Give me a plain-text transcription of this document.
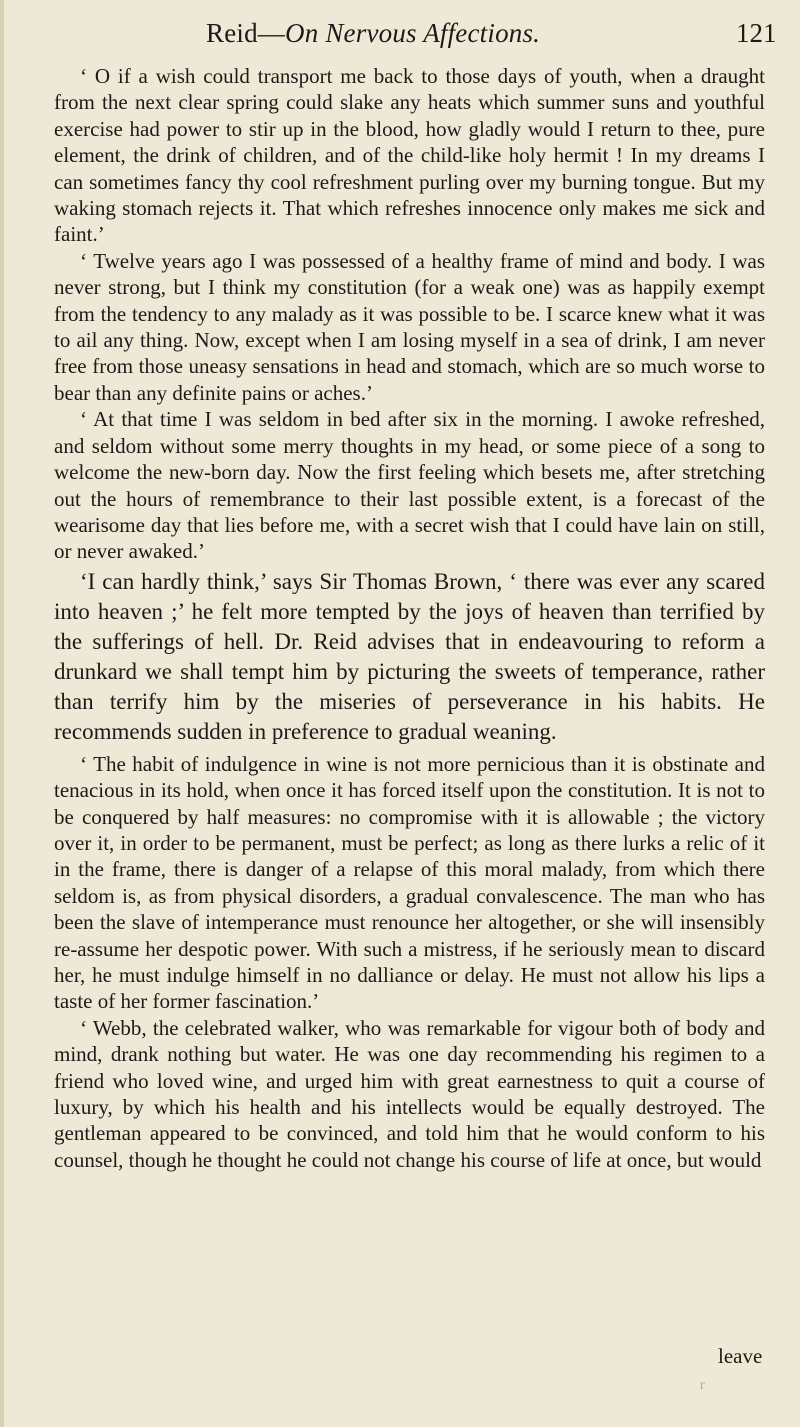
Reid—On Nervous Affections.	121

‘ O if a wish could transport me back to those days of youth, when a draught from the next clear spring could slake any heats which summer suns and youthful exercise had power to stir up in the blood, how gladly would I return to thee, pure element, the drink of children, and of the child-like holy hermit ! In my dreams I can sometimes fancy thy cool refreshment purling over my burning tongue. But my waking stomach rejects it. That which refreshes innocence only makes me sick and faint.’

‘ Twelve years ago I was possessed of a healthy frame of mind and body. I was never strong, but I think my constitution (for a weak one) was as happily exempt from the tendency to any malady as it was possible to be. I scarce knew what it was to ail any thing. Now, except when I am losing myself in a sea of drink, I am never free from those uneasy sensations in head and stomach, which are so much worse to bear than any definite pains or aches.’

‘ At that time I was seldom in bed after six in the morning. I awoke refreshed, and seldom without some merry thoughts in my head, or some piece of a song to welcome the new-born day. Now the first feeling which besets me, after stretching out the hours of remembrance to their last possible extent, is a forecast of the wearisome day that lies before me, with a secret wish that I could have lain on still, or never awaked.’

‘I can hardly think,’ says Sir Thomas Brown, ‘ there was ever any scared into heaven ;’ he felt more tempted by the joys of heaven than terrified by the sufferings of hell. Dr. Reid advises that in endeavouring to reform a drunkard we shall tempt him by picturing the sweets of temperance, rather than terrify him by the miseries of perseverance in his habits. He recommends sudden in preference to gradual weaning.

‘ The habit of indulgence in wine is not more pernicious than it is obstinate and tenacious in its hold, when once it has forced itself upon the constitution. It is not to be conquered by half measures: no compromise with it is allowable ; the victory over it, in order to be permanent, must be perfect; as long as there lurks a relic of it in the frame, there is danger of a relapse of this moral malady, from which there seldom is, as from physical disorders, a gradual convalescence. The man who has been the slave of intemperance must renounce her altogether, or she will insensibly re-assume her despotic power. With such a mistress, if he seriously mean to discard her, he must indulge himself in no dalliance or delay. He must not allow his lips a taste of her former fascination.’

‘ Webb, the celebrated walker, who was remarkable for vigour both of body and mind, drank nothing but water. He was one day recommending his regimen to a friend who loved wine, and urged him with great earnestness to quit a course of luxury, by which his health and his intellects would be equally destroyed. The gentleman appeared to be convinced, and told him that he would conform to his counsel, though he thought he could not change his course of life at once, but would

leave
r
